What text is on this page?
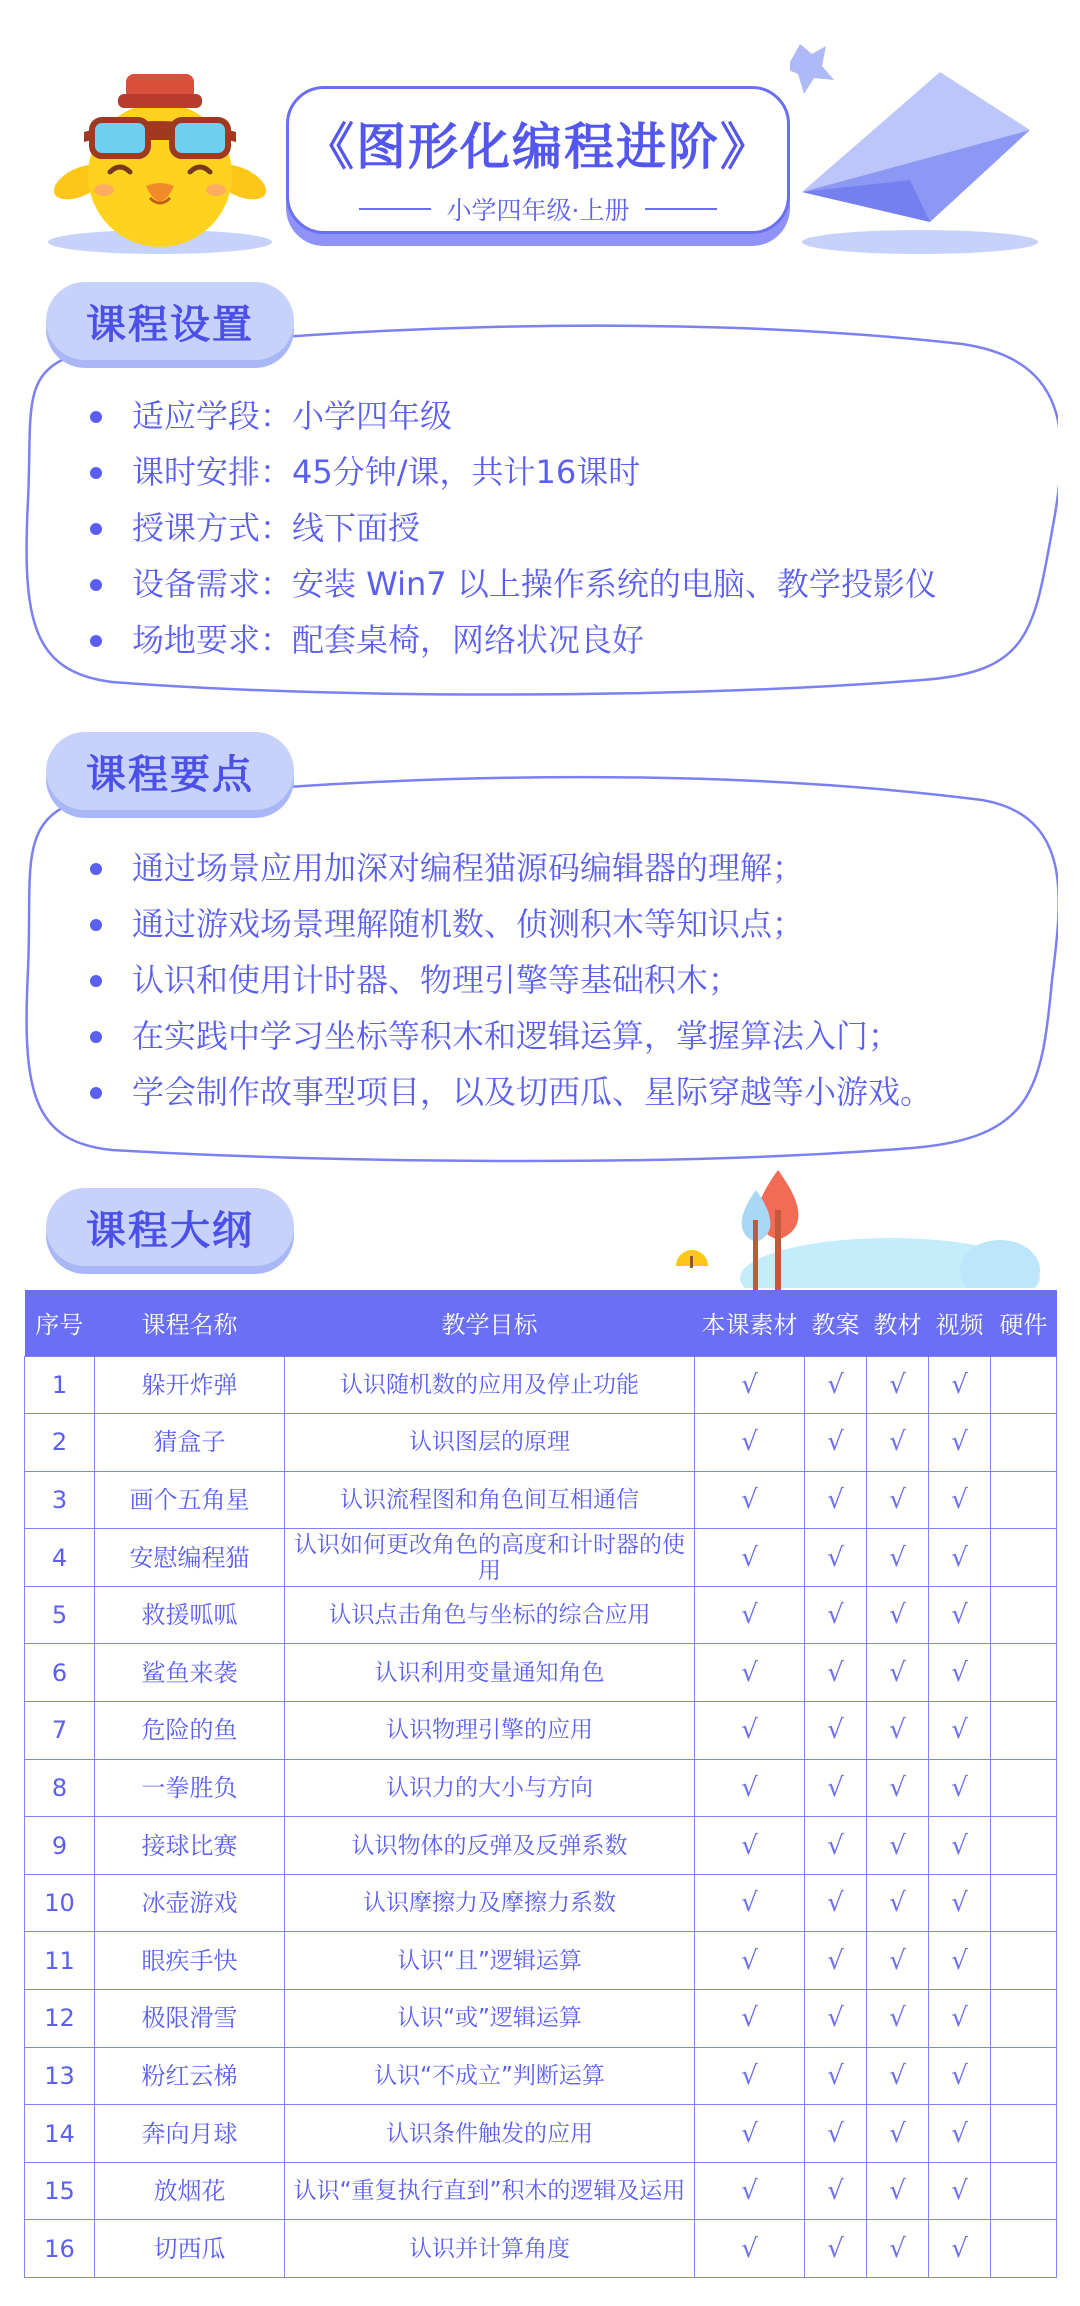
《图形化编程进阶》
小学四年级·上册
适应学段：小学四年级
课时安排：45分钟/课，共计16课时
授课方式：线下面授
设备需求：安装 Win7 以上操作系统的电脑、教学投影仪
场地要求：配套桌椅，网络状况良好
课程设置
通过场景应用加深对编程猫源码编辑器的理解；
通过游戏场景理解随机数、侦测积木等知识点；
认识和使用计时器、物理引擎等基础积木；
在实践中学习坐标等积木和逻辑运算，掌握算法入门；
学会制作故事型项目，以及切西瓜、星际穿越等小游戏。
课程要点
课程大纲
序号	课程名称	教学目标	本课素材	教案	教材	视频	硬件
1	躲开炸弹	认识随机数的应用及停止功能	√	√	√	√	
2	猜盒子	认识图层的原理	√	√	√	√	
3	画个五角星	认识流程图和角色间互相通信	√	√	√	√	
4	安慰编程猫	认识如何更改角色的高度和计时器的使用	√	√	√	√	
5	救援呱呱	认识点击角色与坐标的综合应用	√	√	√	√	
6	鲨鱼来袭	认识利用变量通知角色	√	√	√	√	
7	危险的鱼	认识物理引擎的应用	√	√	√	√	
8	一拳胜负	认识力的大小与方向	√	√	√	√	
9	接球比赛	认识物体的反弹及反弹系数	√	√	√	√	
10	冰壶游戏	认识摩擦力及摩擦力系数	√	√	√	√	
11	眼疾手快	认识“且”逻辑运算	√	√	√	√	
12	极限滑雪	认识“或”逻辑运算	√	√	√	√	
13	粉红云梯	认识“不成立”判断运算	√	√	√	√	
14	奔向月球	认识条件触发的应用	√	√	√	√	
15	放烟花	认识“重复执行直到”积木的逻辑及运用	√	√	√	√	
16	切西瓜	认识并计算角度	√	√	√	√	
